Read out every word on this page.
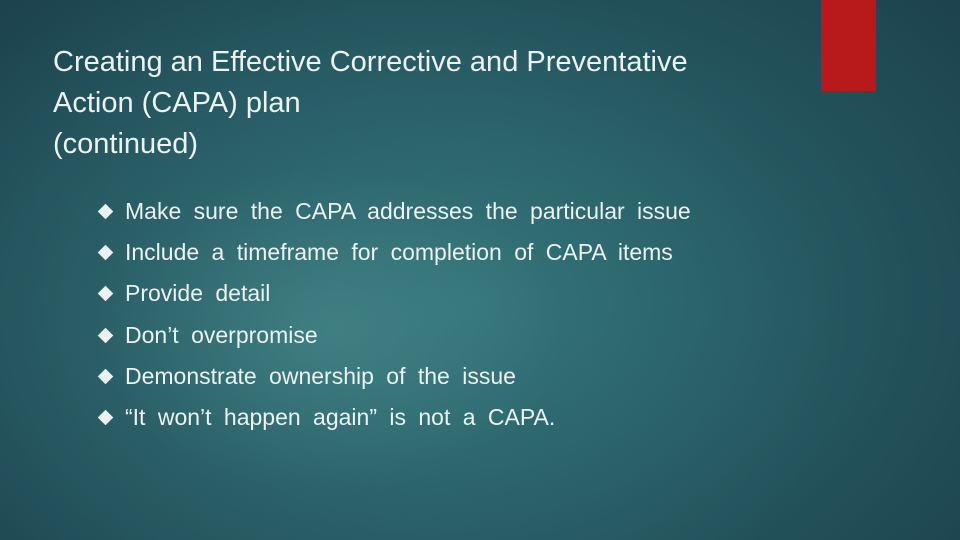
Creating an Effective Corrective and Preventative
Action (CAPA) plan
(continued)
Make sure the CAPA addresses the particular issue
Include a timeframe for completion of CAPA items
Provide detail
Don’t overpromise
Demonstrate ownership of the issue
“It won’t happen again” is not a CAPA.
